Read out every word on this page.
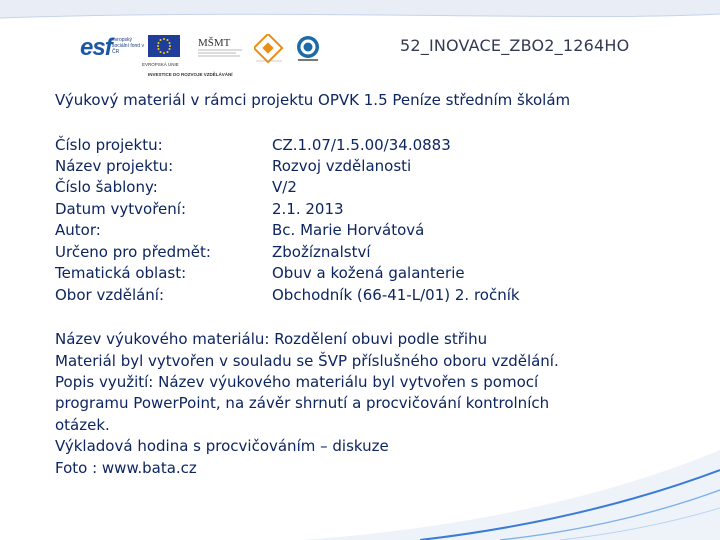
esf evropský sociální fond v ČR
EVROPSKÁ UNIE
MŠMT
INVESTICE DO ROZVOJE VZDĚLÁVÁNÍ
52_INOVACE_ZBO2_1264HO
Výukový materiál v rámci projektu OPVK 1.5 Peníze středním školám
Číslo projektu:	CZ.1.07/1.5.00/34.0883
Název projektu:	Rozvoj vzdělanosti
Číslo šablony:	V/2
Datum vytvoření:	2.1. 2013
Autor:	Bc. Marie Horvátová
Určeno pro předmět:	Zbožíznalství
Tematická oblast:	Obuv a kožená galanterie
Obor vzdělání:	Obchodník (66-41-L/01) 2. ročník
Název výukového materiálu: Rozdělení obuvi podle střihu
Materiál byl vytvořen v souladu se ŠVP příslušného oboru vzdělání.
Popis využití: Název výukového materiálu byl vytvořen s pomocí
programu PowerPoint, na závěr shrnutí a procvičování kontrolních
otázek.
Výkladová hodina s procvičováním – diskuze
Foto : www.bata.cz
